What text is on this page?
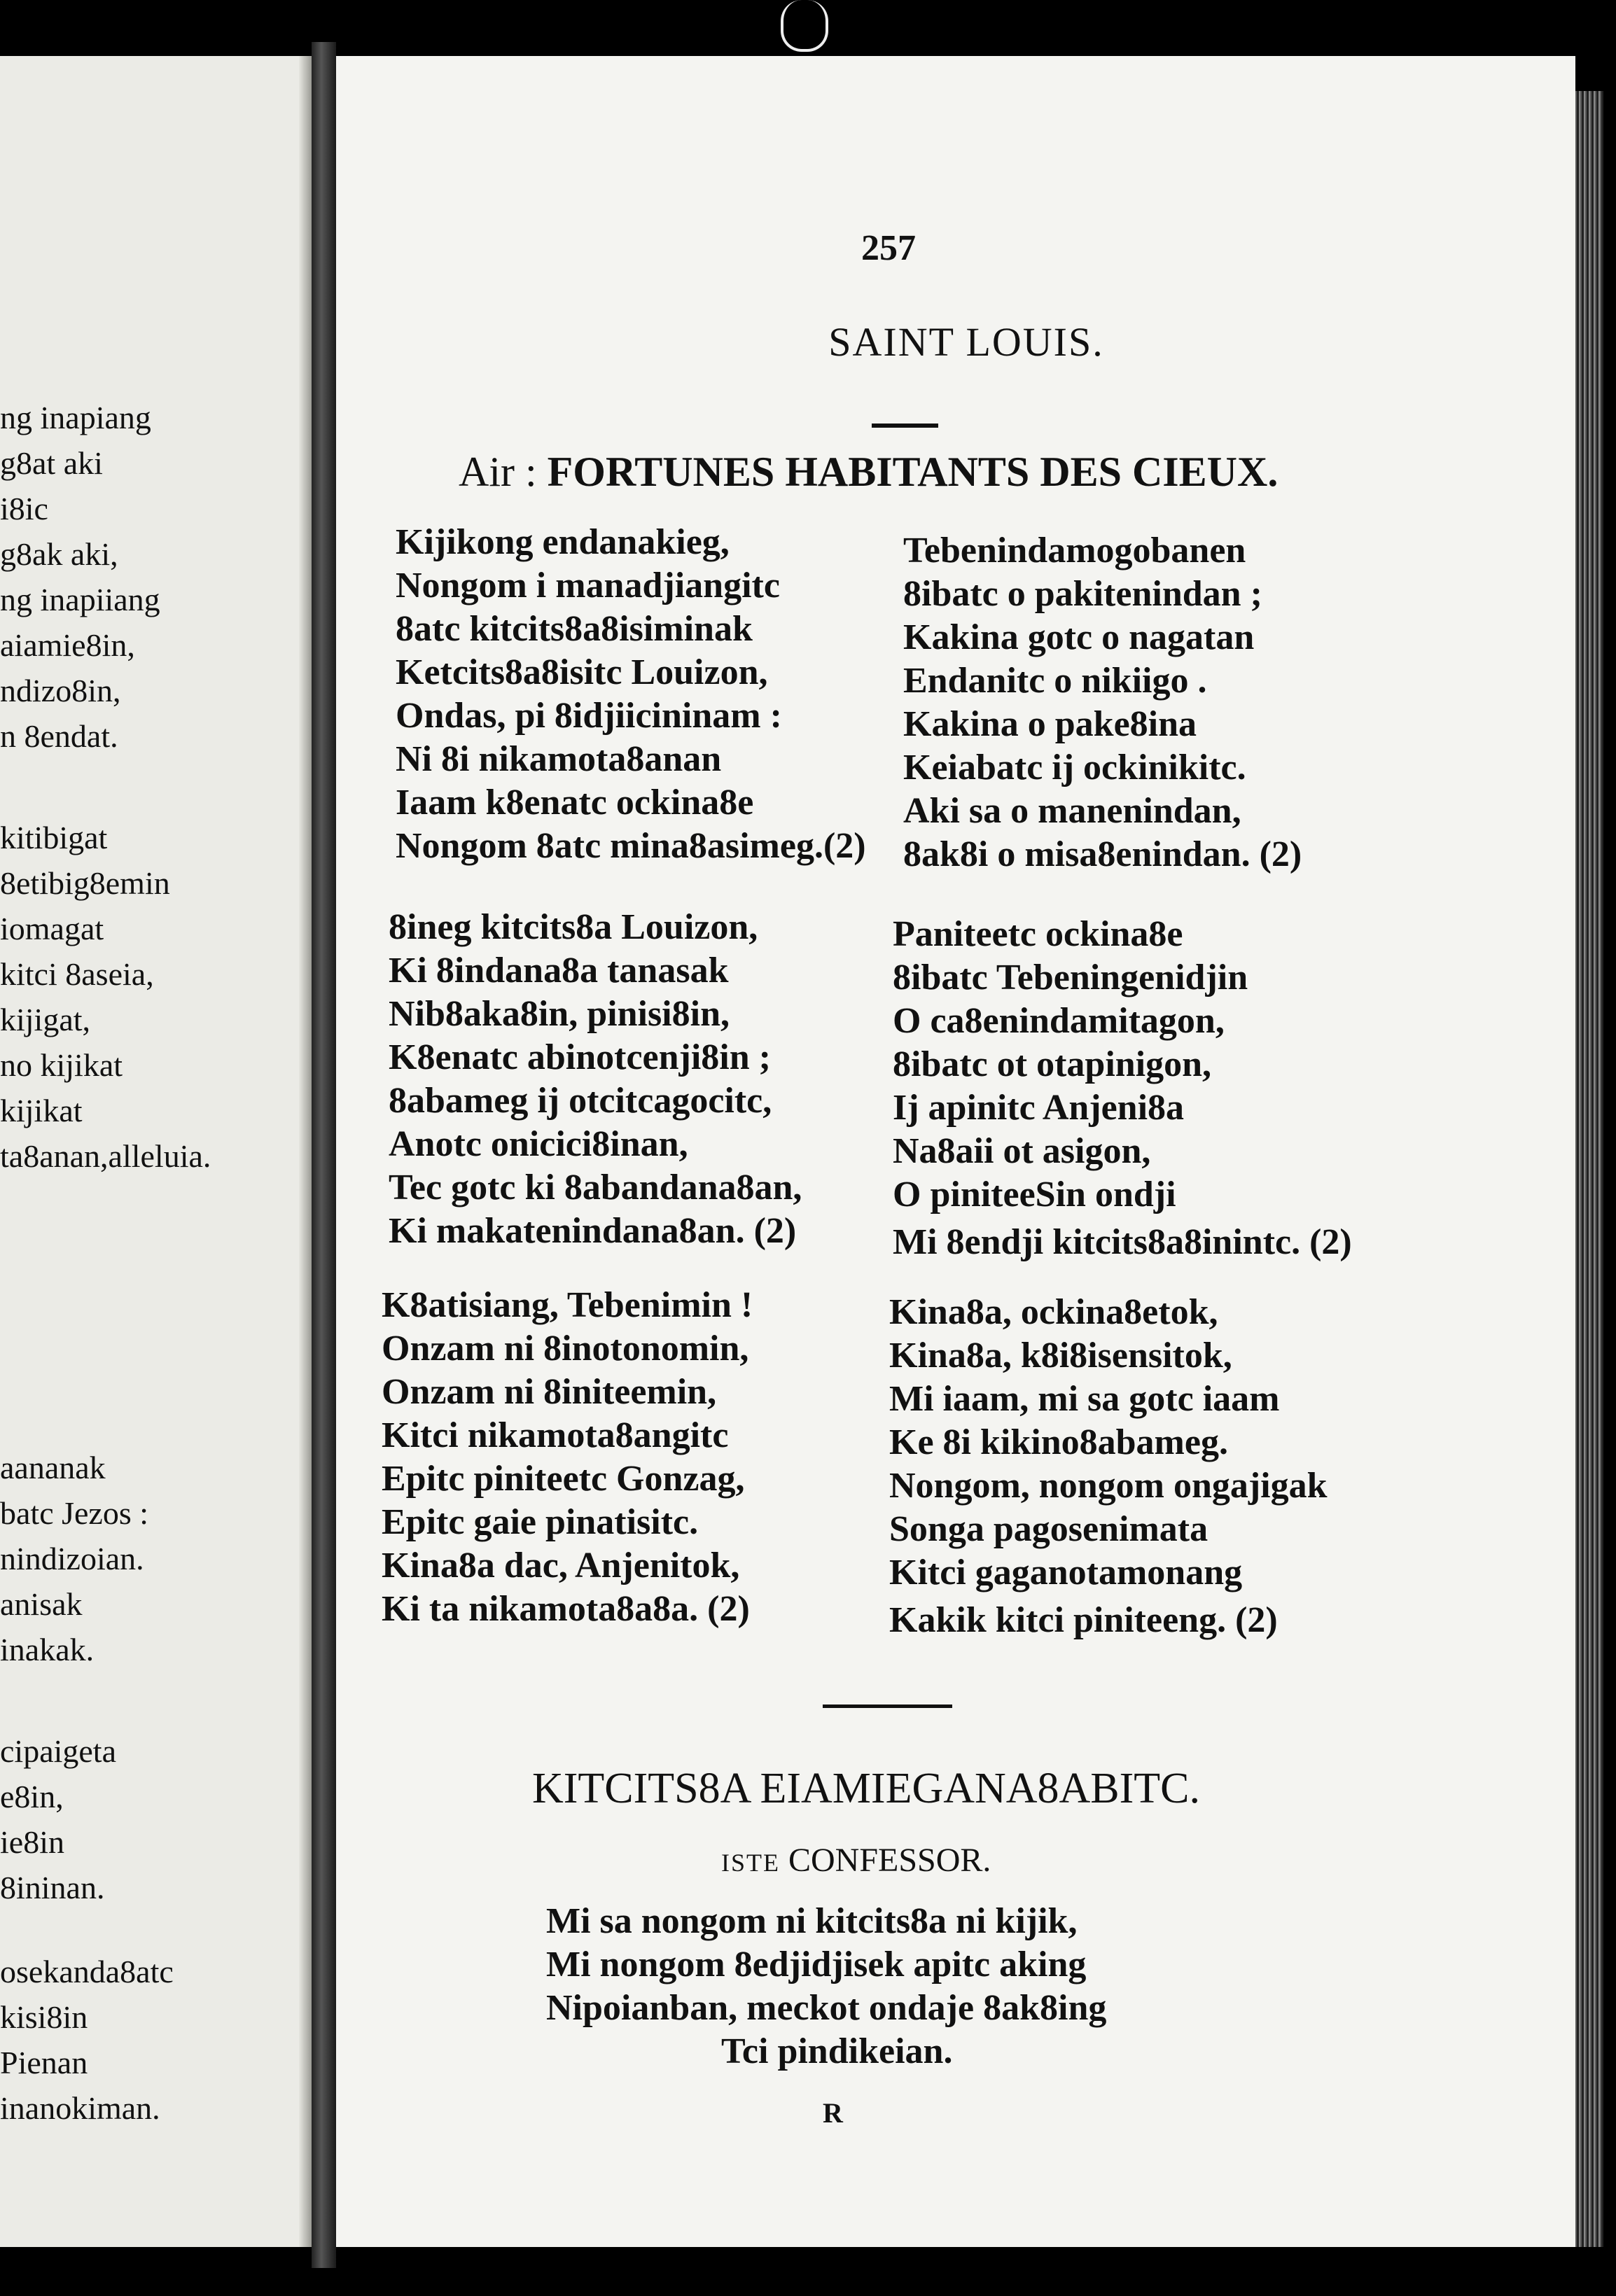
ng inapiang
g8at aki
i8ic
g8ak aki,
ng inapiiang
aiamie8in,
ndizo8in,
n 8endat.
kitibigat
8etibig8emin
iomagat
kitci 8aseia,
kijigat,
no kijikat
kijikat
ta8anan,alleluia.
aananak
batc Jezos :
nindizoian.
anisak
inakak.
cipaigeta
e8in,
ie8in
8ininan.
osekanda8atc
kisi8in
Pienan
inanokiman.
257
SAINT LOUIS.
Air : FORTUNES HABITANTS DES CIEUX.
Kijikong endanakieg,
Nongom i manadjiangitc
8atc kitcits8a8isiminak
Ketcits8a8isitc Louizon,
Ondas, pi 8idjiicininam :
Ni 8i nikamota8anan
Iaam k8enatc ockina8e
Nongom 8atc mina8asimeg.(2)
Tebenindamogobanen
8ibatc o pakitenindan ;
Kakina gotc o nagatan
Endanitc o nikiigo .
Kakina o pake8ina
Keiabatc ij ockinikitc.
Aki sa o manenindan,
8ak8i o misa8enindan. (2)
8ineg kitcits8a Louizon,
Ki 8indana8a tanasak
Nib8aka8in, pinisi8in,
K8enatc abinotcenji8in ;
8abameg ij otcitcagocitc,
Anotc onicici8inan,
Tec gotc ki 8abandana8an,
Ki makatenindana8an. (2)
Paniteetc ockina8e
8ibatc Tebeningenidjin
O ca8enindamitagon,
8ibatc ot otapinigon,
Ij apinitc Anjeni8a
Na8aii ot asigon,
O piniteeSin ondji
Mi 8endji kitcits8a8inintc. (2)
K8atisiang, Tebenimin !
Onzam ni 8inotonomin,
Onzam ni 8initeemin,
Kitci nikamota8angitc
Epitc piniteetc Gonzag,
Epitc gaie pinatisitc.
Kina8a dac, Anjenitok,
Ki ta nikamota8a8a. (2)
Kina8a, ockina8etok,
Kina8a, k8i8isensitok,
Mi iaam, mi sa gotc iaam
Ke 8i kikino8abameg.
Nongom, nongom ongajigak
Songa pagosenimata
Kitci gaganotamonang
Kakik kitci piniteeng. (2)
KITCITS8A EIAMIEGANA8ABITC.
ISTE CONFESSOR.
Mi sa nongom ni kitcits8a ni kijik,
Mi nongom 8edjidjisek apitc aking
Nipoianban, meckot ondaje 8ak8ing
Tci pindikeian.
R
